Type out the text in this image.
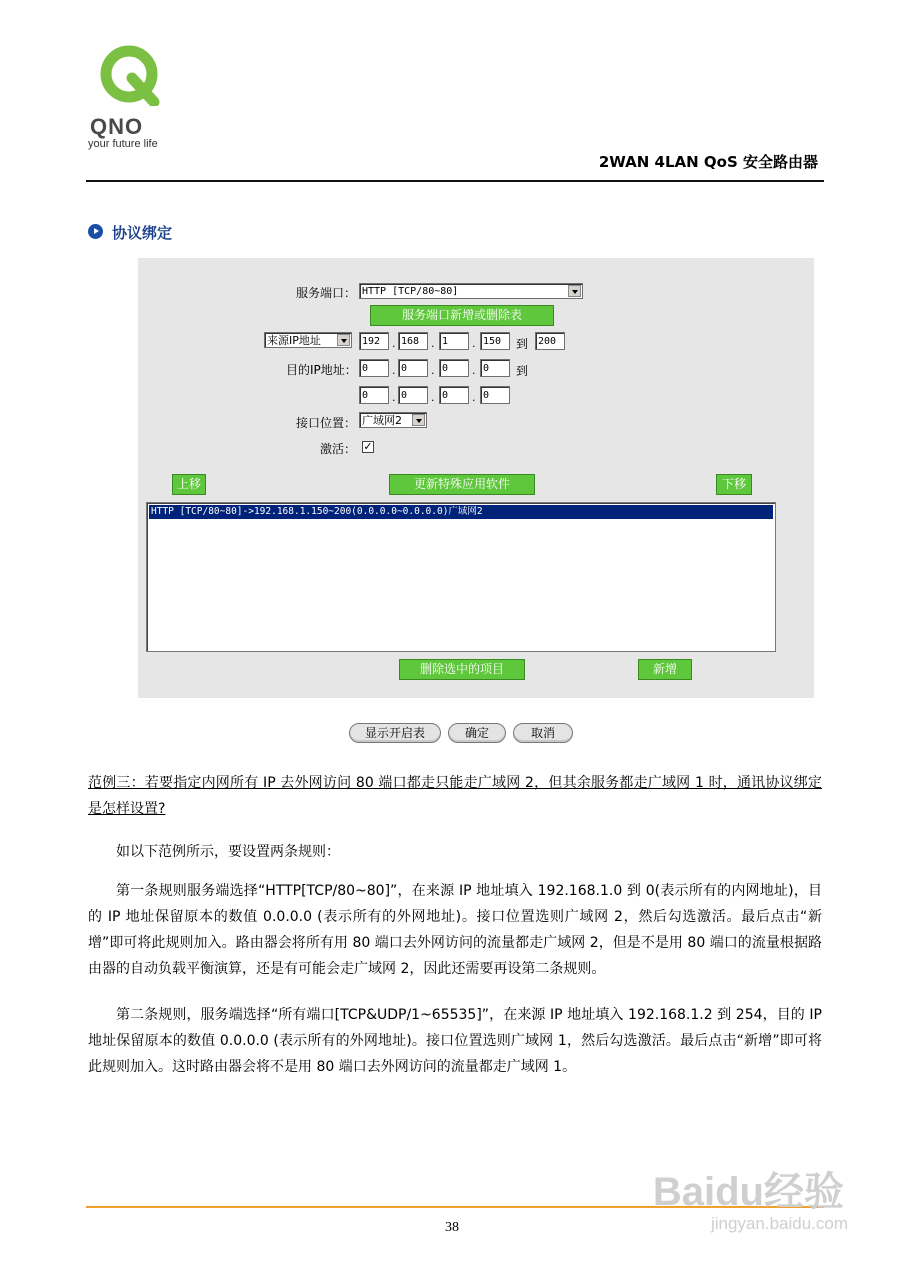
QNO
your future life
2WAN 4LAN QoS 安全路由器
协议绑定
服务端口： HTTP [TCP/80~80]
服务端口新增或删除表
来源IP地址	192	. 168	. 1	. 150	到 200
目的IP地址： 0	. 0	. 0	. 0	到
0	. 0	. 0	. 0
接口位置： 广域网2
激活： ✓
上移	更新特殊应用软件	下移
HTTP [TCP/80~80]->192.168.1.150~200(0.0.0.0~0.0.0.0)广域网2
删除选中的项目	新增
显示开启表	确定	取消
范例三：若要指定内网所有 IP 去外网访问 80 端口都走只能走广域网 2，但其余服务都走广域网 1 时，通讯协议绑定是怎样设置?
如以下范例所示，要设置两条规则：
第一条规则服务端选择“HTTP[TCP/80~80]”，在来源 IP 地址填入 192.168.1.0 到 0(表示所有的内网地址)，目的 IP 地址保留原本的数值 0.0.0.0 (表示所有的外网地址)。接口位置选则广域网 2，然后勾选激活。最后点击“新增”即可将此规则加入。路由器会将所有用 80 端口去外网访问的流量都走广域网 2，但是不是用 80 端口的流量根据路由器的自动负载平衡演算，还是有可能会走广域网 2，因此还需要再设第二条规则。
第二条规则，服务端选择“所有端口[TCP&UDP/1~65535]”，在来源 IP 地址填入 192.168.1.2 到 254，目的 IP 地址保留原本的数值 0.0.0.0 (表示所有的外网地址)。接口位置选则广域网 1，然后勾选激活。最后点击“新增”即可将此规则加入。这时路由器会将不是用 80 端口去外网访问的流量都走广域网 1。
38
Baidu经验
jingyan.baidu.com
